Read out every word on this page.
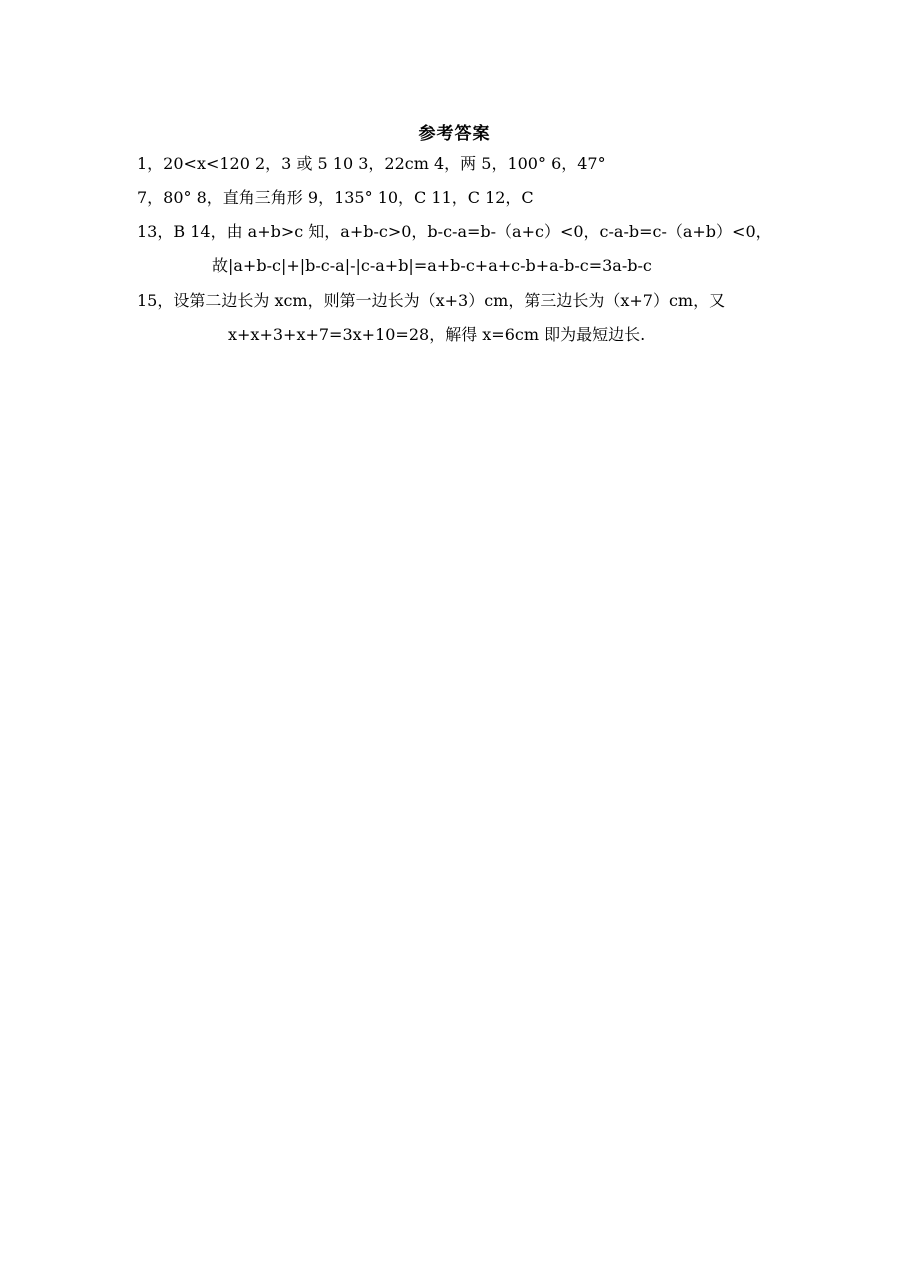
参考答案
1，20<x<120 2，3 或 5 10 3，22cm 4，两 5，100° 6，47°
7，80° 8，直角三角形 9，135° 10，C 11，C 12，C
13，B 14，由 a+b>c 知，a+b-c>0，b-c-a=b-（a+c）<0，c-a-b=c-（a+b）<0，
故|a+b-c|+|b-c-a|-|c-a+b|=a+b-c+a+c-b+a-b-c=3a-b-c
15，设第二边长为 xcm，则第一边长为（x+3）cm，第三边长为（x+7）cm，又
x+x+3+x+7=3x+10=28，解得 x=6cm 即为最短边长.
